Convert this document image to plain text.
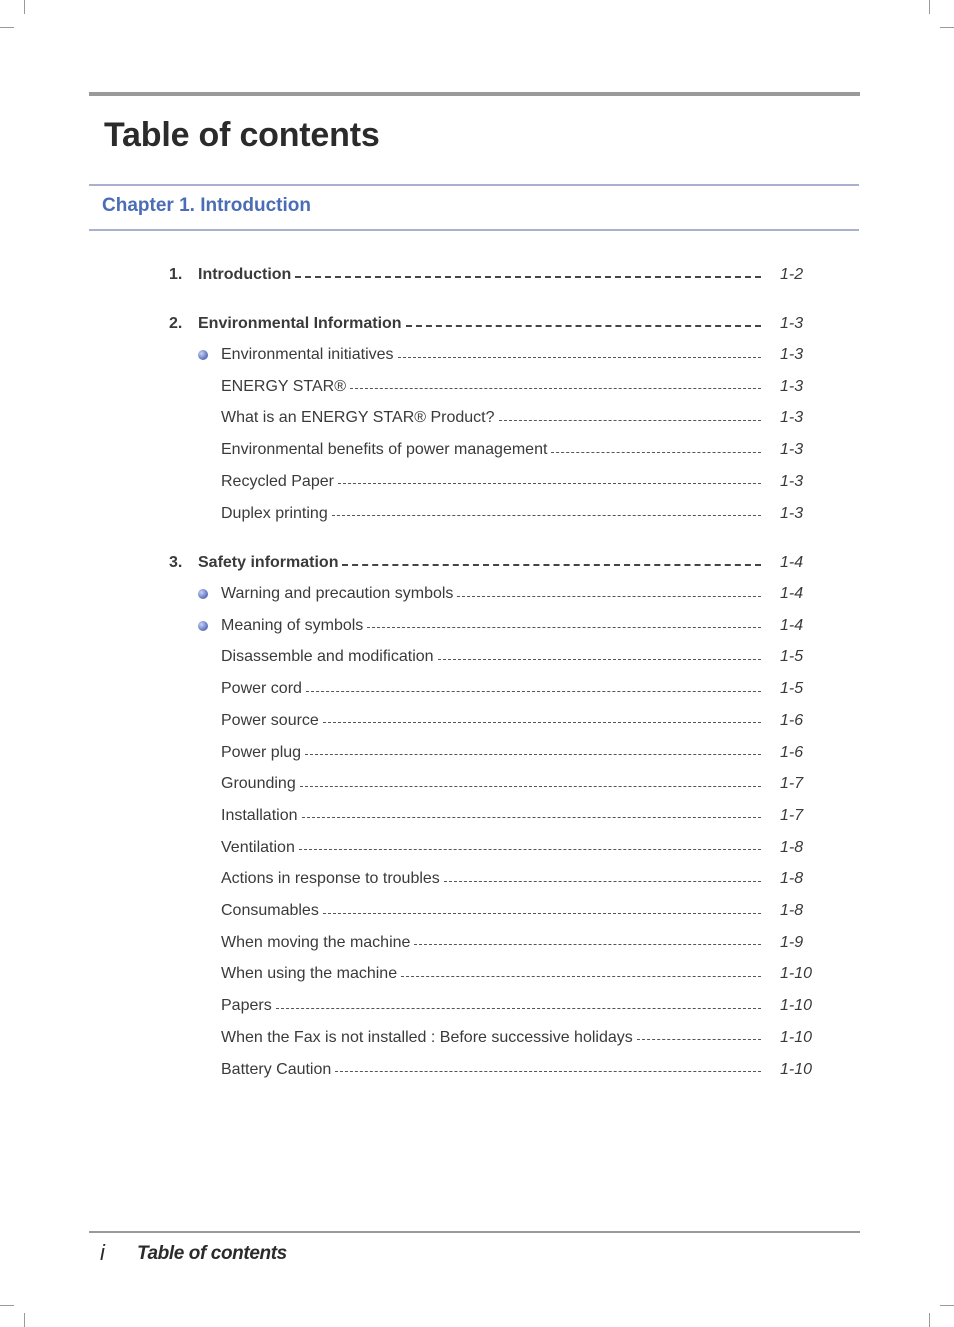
Table of contents
Chapter 1. Introduction
1. Introduction	1-2
2. Environmental Information	1-3
Environmental initiatives	1-3
ENERGY STAR®	1-3
What is an ENERGY STAR® Product?	1-3
Environmental benefits of power management	1-3
Recycled Paper	1-3
Duplex printing	1-3
3. Safety information	1-4
Warning and precaution symbols	1-4
Meaning of symbols	1-4
Disassemble and modification	1-5
Power cord	1-5
Power source	1-6
Power plug	1-6
Grounding	1-7
Installation	1-7
Ventilation	1-8
Actions in response to troubles	1-8
Consumables	1-8
When moving the machine	1-9
When using the machine	1-10
Papers	1-10
When the Fax is not installed : Before successive holidays	1-10
Battery Caution	1-10
i Table of contents
